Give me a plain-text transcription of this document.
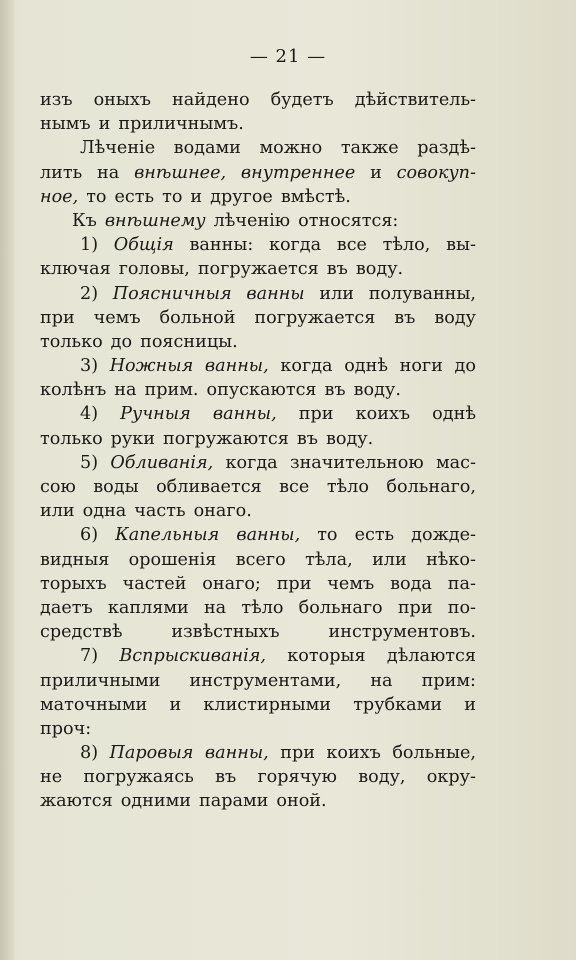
— 21 —
изъ оныхъ найдено будетъ дѣйствитель-
нымъ и приличнымъ.
Лѣченіе водами можно также раздѣ-
лить на внѣшнее, внутреннее и совокуп-
ное, то есть то и другое вмѣстѣ.
Къ внѣшнему лѣченію относятся:
1) Общія ванны: когда все тѣло, вы-
ключая головы, погружается въ воду.
2) Поясничныя ванны или полуванны,
при чемъ больной погружается въ воду
только до поясницы.
3) Ножныя ванны, когда однѣ ноги до
колѣнъ на прим. опускаются въ воду.
4) Ручныя ванны, при коихъ однѣ
только руки погружаются въ воду.
5) Обливанія, когда значительною мас-
сою воды обливается все тѣло больнаго,
или одна часть онаго.
6) Капельныя ванны, то есть дожде-
видныя орошенія всего тѣла, или нѣко-
торыхъ частей онаго; при чемъ вода па-
даетъ каплями на тѣло больнаго при по-
средствѣ	извѣстныхъ	инструментовъ.
7) Вспрыскиванія, которыя дѣлаются
приличными инструментами, на прим:
маточными и клистирными трубками и
проч:
8) Паровыя ванны, при коихъ больные,
не погружаясь въ горячую воду, окру-
жаются одними парами оной.
